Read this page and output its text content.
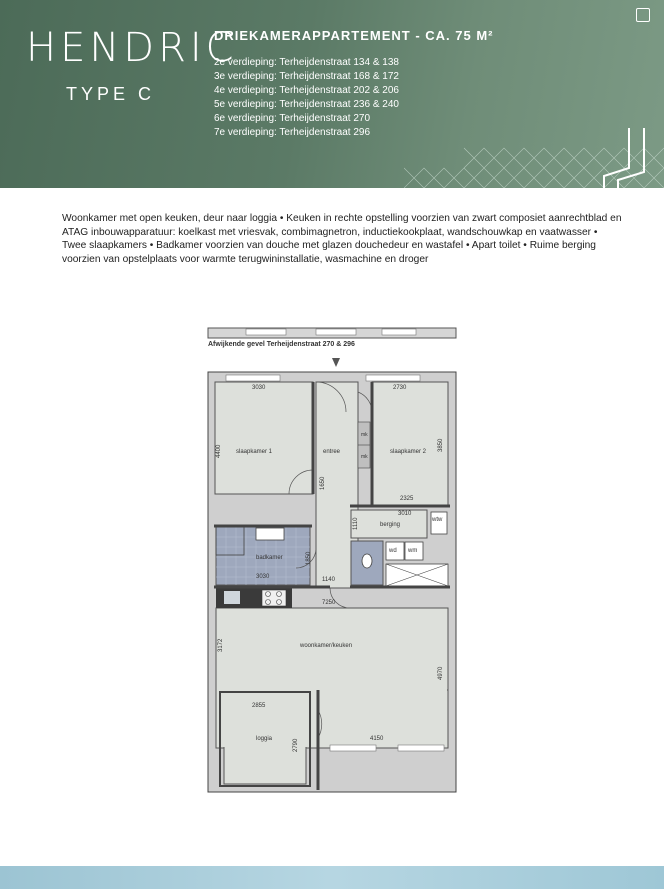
HENDRIC
TYPE C
DRIEKAMERAPPARTEMENT - CA. 75 M²
2e verdieping: Terheijdenstraat 134 & 138
3e verdieping: Terheijdenstraat 168 & 172
4e verdieping: Terheijdenstraat 202 & 206
5e verdieping: Terheijdenstraat 236 & 240
6e verdieping: Terheijdenstraat 270
7e verdieping: Terheijdenstraat 296
Woonkamer met open keuken, deur naar loggia • Keuken in rechte opstelling voorzien van zwart composiet aanrechtblad en ATAG inbouwapparatuur: koelkast met vriesvak, combimagnetron, inductiekookplaat, wandschouwkap en vaatwasser • Twee slaapkamers • Badkamer voorzien van douche met glazen douchedeur en wastafel • Apart toilet • Ruime berging voorzien van opstelplaats voor warmte terugwininstallatie, wasmachine en droger
Afwijkende gevel Terheijdenstraat 270 & 296
slaapkamer 1	entree	slaapkamer 2
berging
badkamer
woonkamer/keuken
loggia
mk
mk
wtw
wd wm
3030	2730
4400	3850
1650
2325
3010
1110
1850
3030	1140
7250
3172
4970
2855
2790	4150
